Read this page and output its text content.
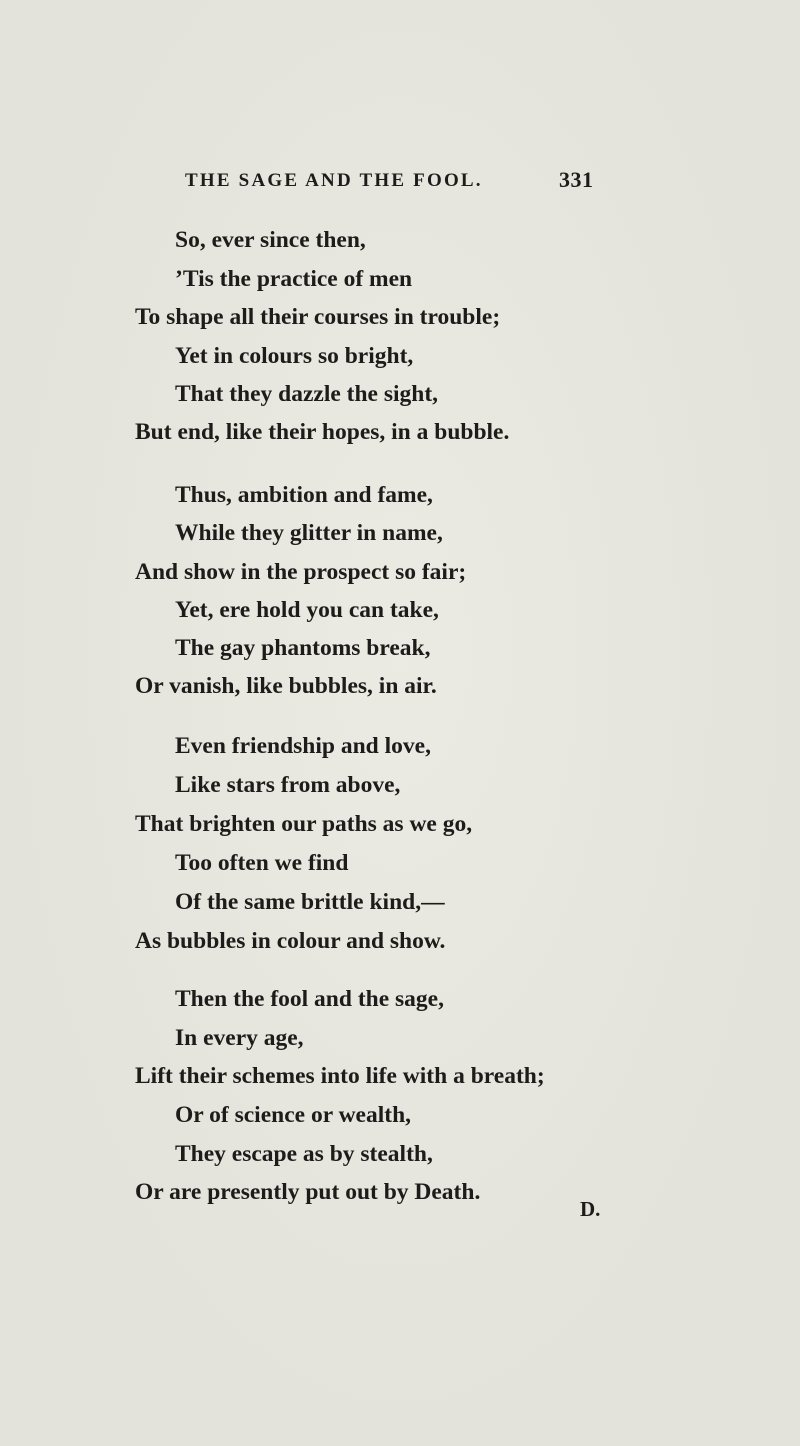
THE SAGE AND THE FOOL.	331
So, ever since then,
’Tis the practice of men
To shape all their courses in trouble;
Yet in colours so bright,
That they dazzle the sight,
But end, like their hopes, in a bubble.
Thus, ambition and fame,
While they glitter in name,
And show in the prospect so fair;
Yet, ere hold you can take,
The gay phantoms break,
Or vanish, like bubbles, in air.
Even friendship and love,
Like stars from above,
That brighten our paths as we go,
Too often we find
Of the same brittle kind,—
As bubbles in colour and show.
Then the fool and the sage,
In every age,
Lift their schemes into life with a breath;
Or of science or wealth,
They escape as by stealth,
Or are presently put out by Death.
D.
